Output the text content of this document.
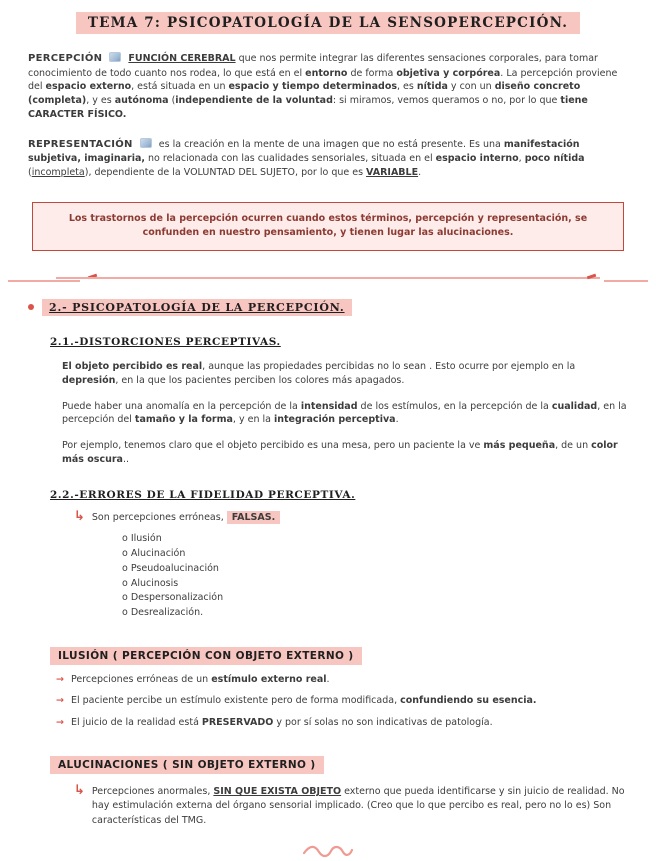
TEMA 7: PSICOPATOLOGÍA DE LA SENSOPERCEPCIÓN.

PERCEPCIÓN	FUNCIÓN CEREBRAL que nos permite integrar las diferentes sensaciones corporales, para tomar conocimiento de todo cuanto nos rodea, lo que está en el entorno de forma objetiva y corpórea. La percepción proviene del espacio externo, está situada en un espacio y tiempo determinados, es nítida y con un diseño concreto (completa), y es autónoma (independiente de la voluntad: si miramos, vemos queramos o no, por lo que tiene CARACTER FÍSICO.

REPRESENTACIÓN	es la creación en la mente de una imagen que no está presente. Es una manifestación subjetiva, imaginaria, no relacionada con las cualidades sensoriales, situada en el espacio interno, poco nítida (incompleta), dependiente de la VOLUNTAD DEL SUJETO, por lo que es VARIABLE.

Los trastornos de la percepción ocurren cuando estos términos, percepción y representación, se confunden en nuestro pensamiento, y tienen lugar las alucinaciones.
2.- PSICOPATOLOGÍA DE LA PERCEPCIÓN.
2.1.-DISTORCIONES PERCEPTIVAS.

El objeto percibido es real, aunque las propiedades percibidas no lo sean . Esto ocurre por ejemplo en la depresión, en la que los pacientes perciben los colores más apagados.

Puede haber una anomalía en la percepción de la intensidad de los estímulos, en la percepción de la cualidad, en la percepción del tamaño y la forma, y en la integración perceptiva.

Por ejemplo, tenemos claro que el objeto percibido es una mesa, pero un paciente la ve más pequeña, de un color más oscura..

2.2.-ERRORES DE LA FIDELIDAD PERCEPTIVA.
↳ Son percepciones erróneas, FALSAS.
o Ilusión
o Alucinación
o Pseudoalucinación
o Alucinosis
o Despersonalización
o Desrealización.
ILUSIÓN ( PERCEPCIÓN CON OBJETO EXTERNO )
→ Percepciones erróneas de un estímulo externo real.
→ El paciente percibe un estímulo existente pero de forma modificada, confundiendo su esencia.
→ El juicio de la realidad está PRESERVADO y por sí solas no son indicativas de patología.
ALUCINACIONES ( SIN OBJETO EXTERNO )
↳ Percepciones anormales, SIN QUE EXISTA OBJETO externo que pueda identificarse y sin juicio de realidad. No hay estimulación externa del órgano sensorial implicado. (Creo que lo que percibo es real, pero no lo es) Son características del TMG.
